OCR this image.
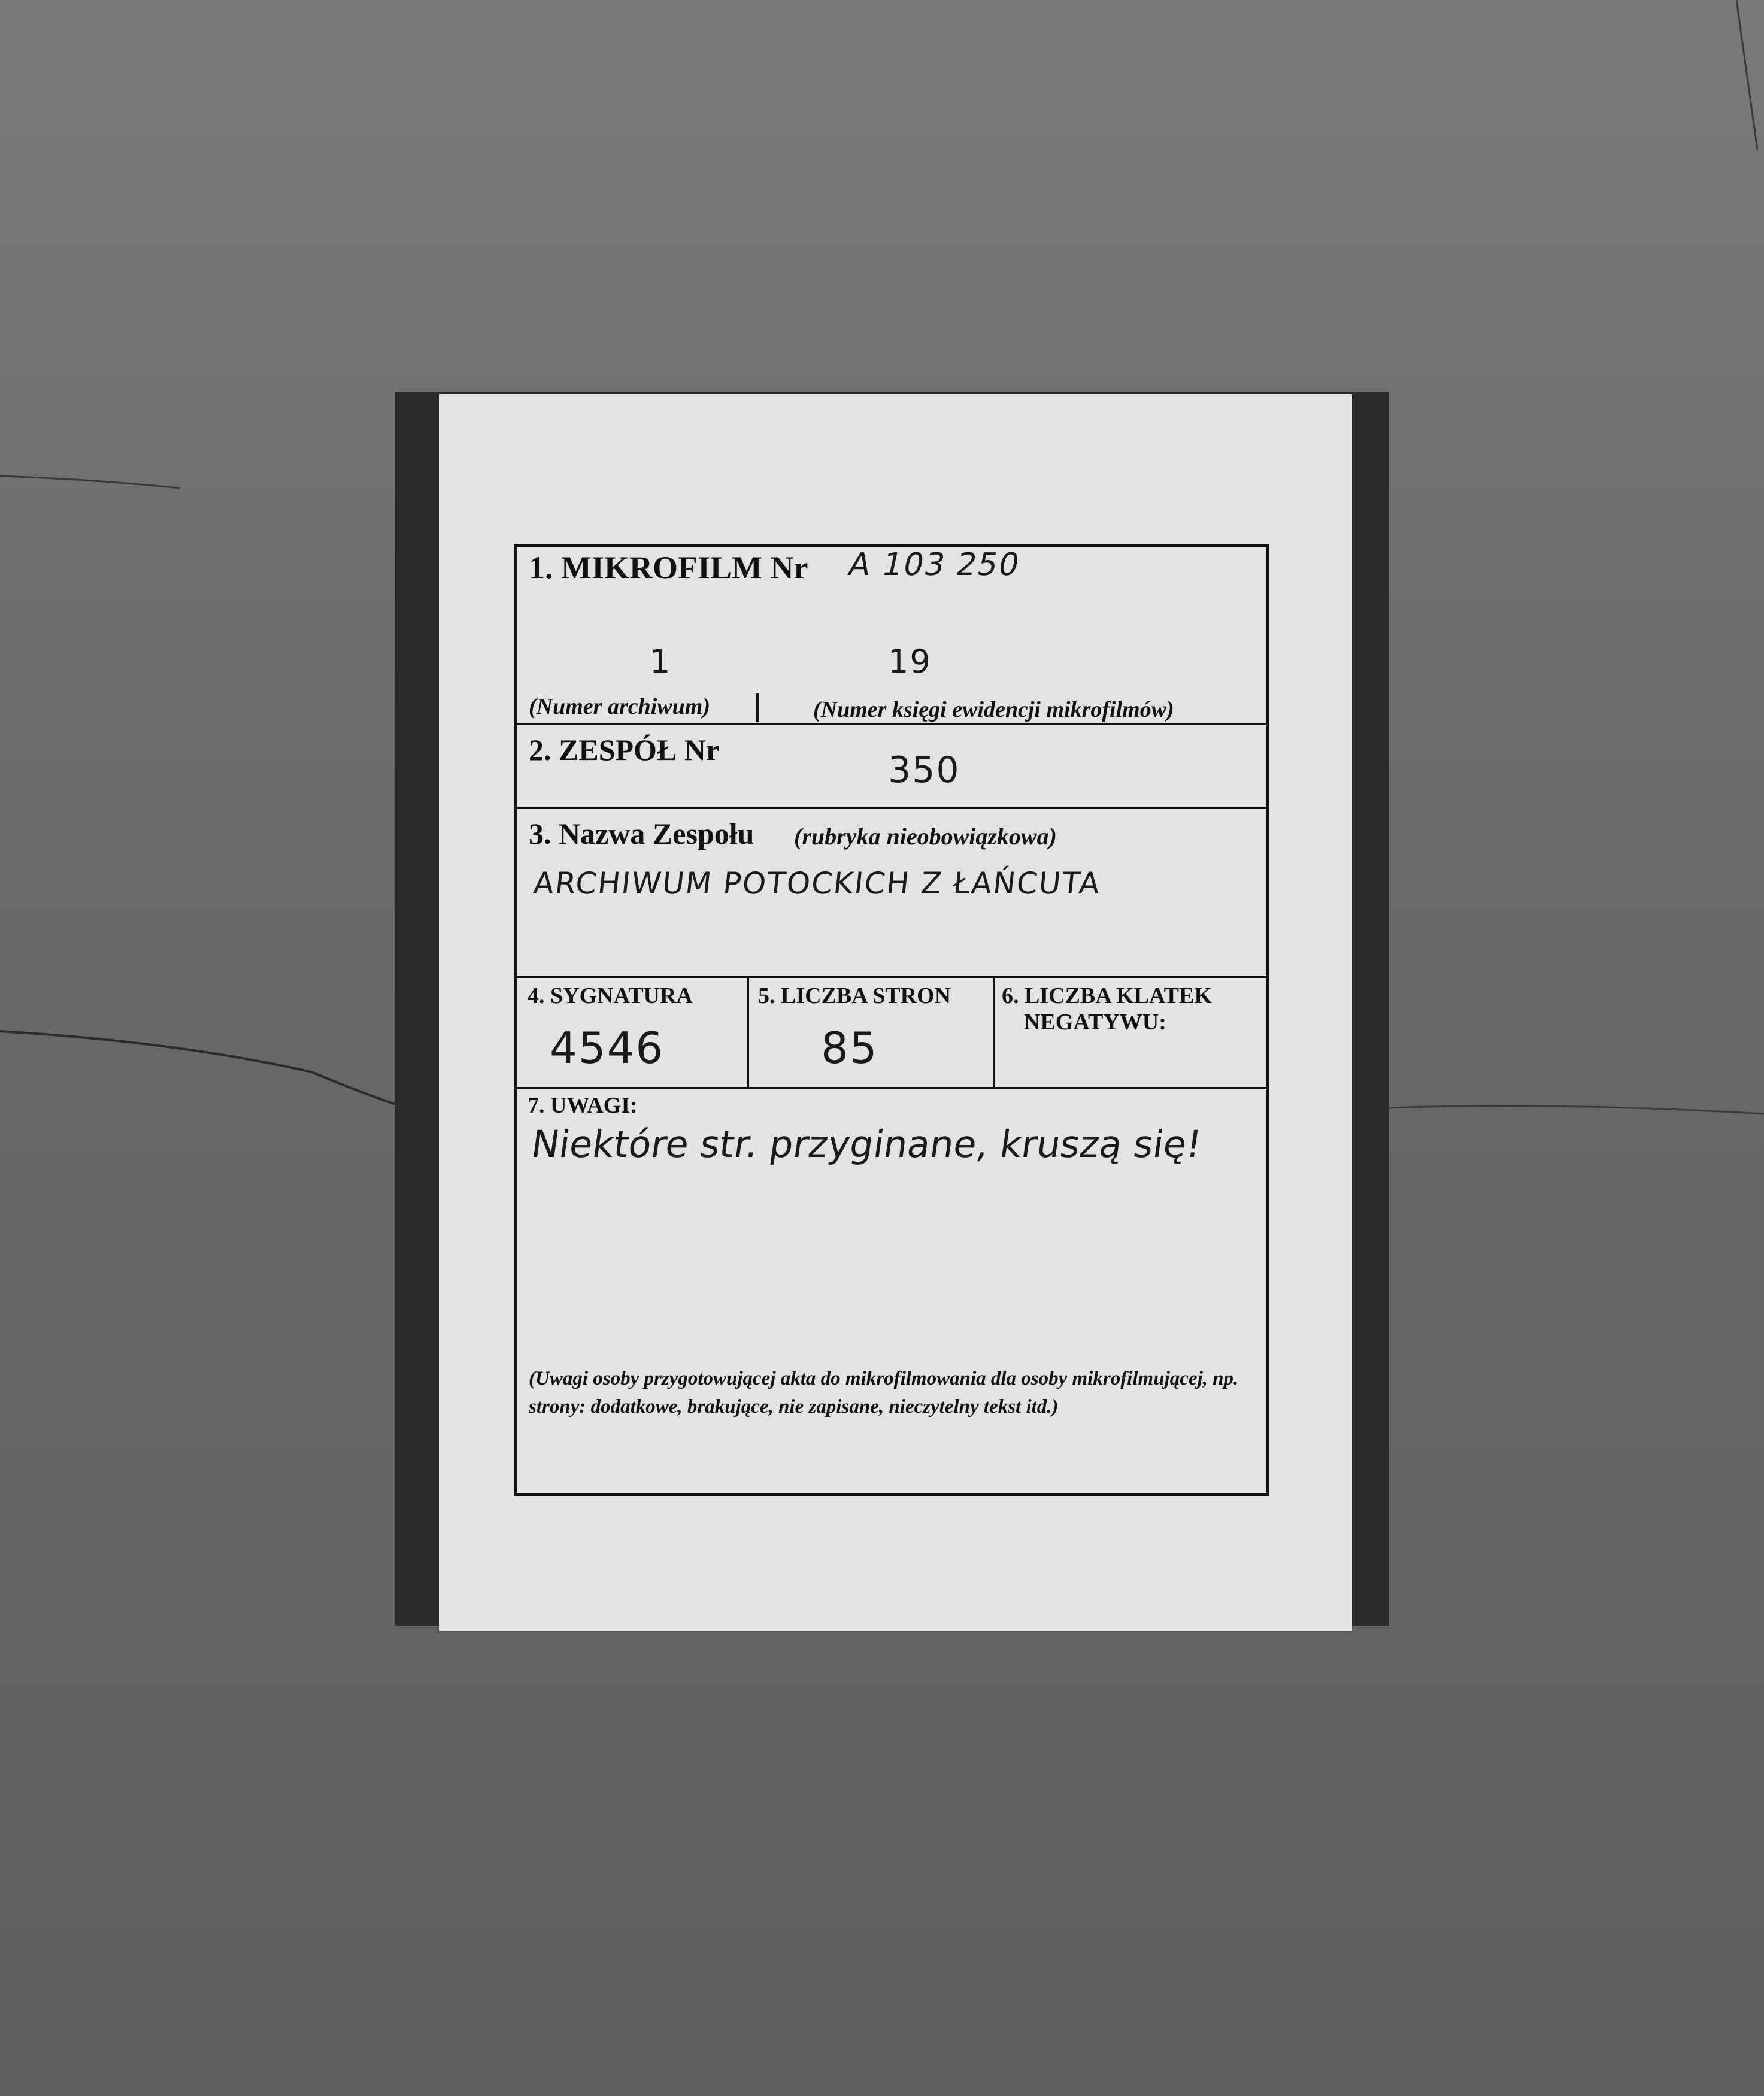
1. MIKROFILM Nr A 103 250
1	19
(Numer archiwum)	(Numer księgi ewidencji mikrofilmów)
2. ZESPÓŁ Nr	350
3. Nazwa Zespołu (rubryka nieobowiązkowa)
ARCHIWUM POTOCKICH Z ŁAŃCUTA
4. SYGNATURA
4546
5. LICZBA STRON
85
6. LICZBA KLATEK
NEGATYWU:
7. UWAGI:
Niektóre str. przyginane, kruszą się!
(Uwagi osoby przygotowującej akta do mikrofilmowania dla osoby mikrofilmującej, np. strony: dodatkowe, brakujące, nie zapisane, nieczytelny tekst itd.)
